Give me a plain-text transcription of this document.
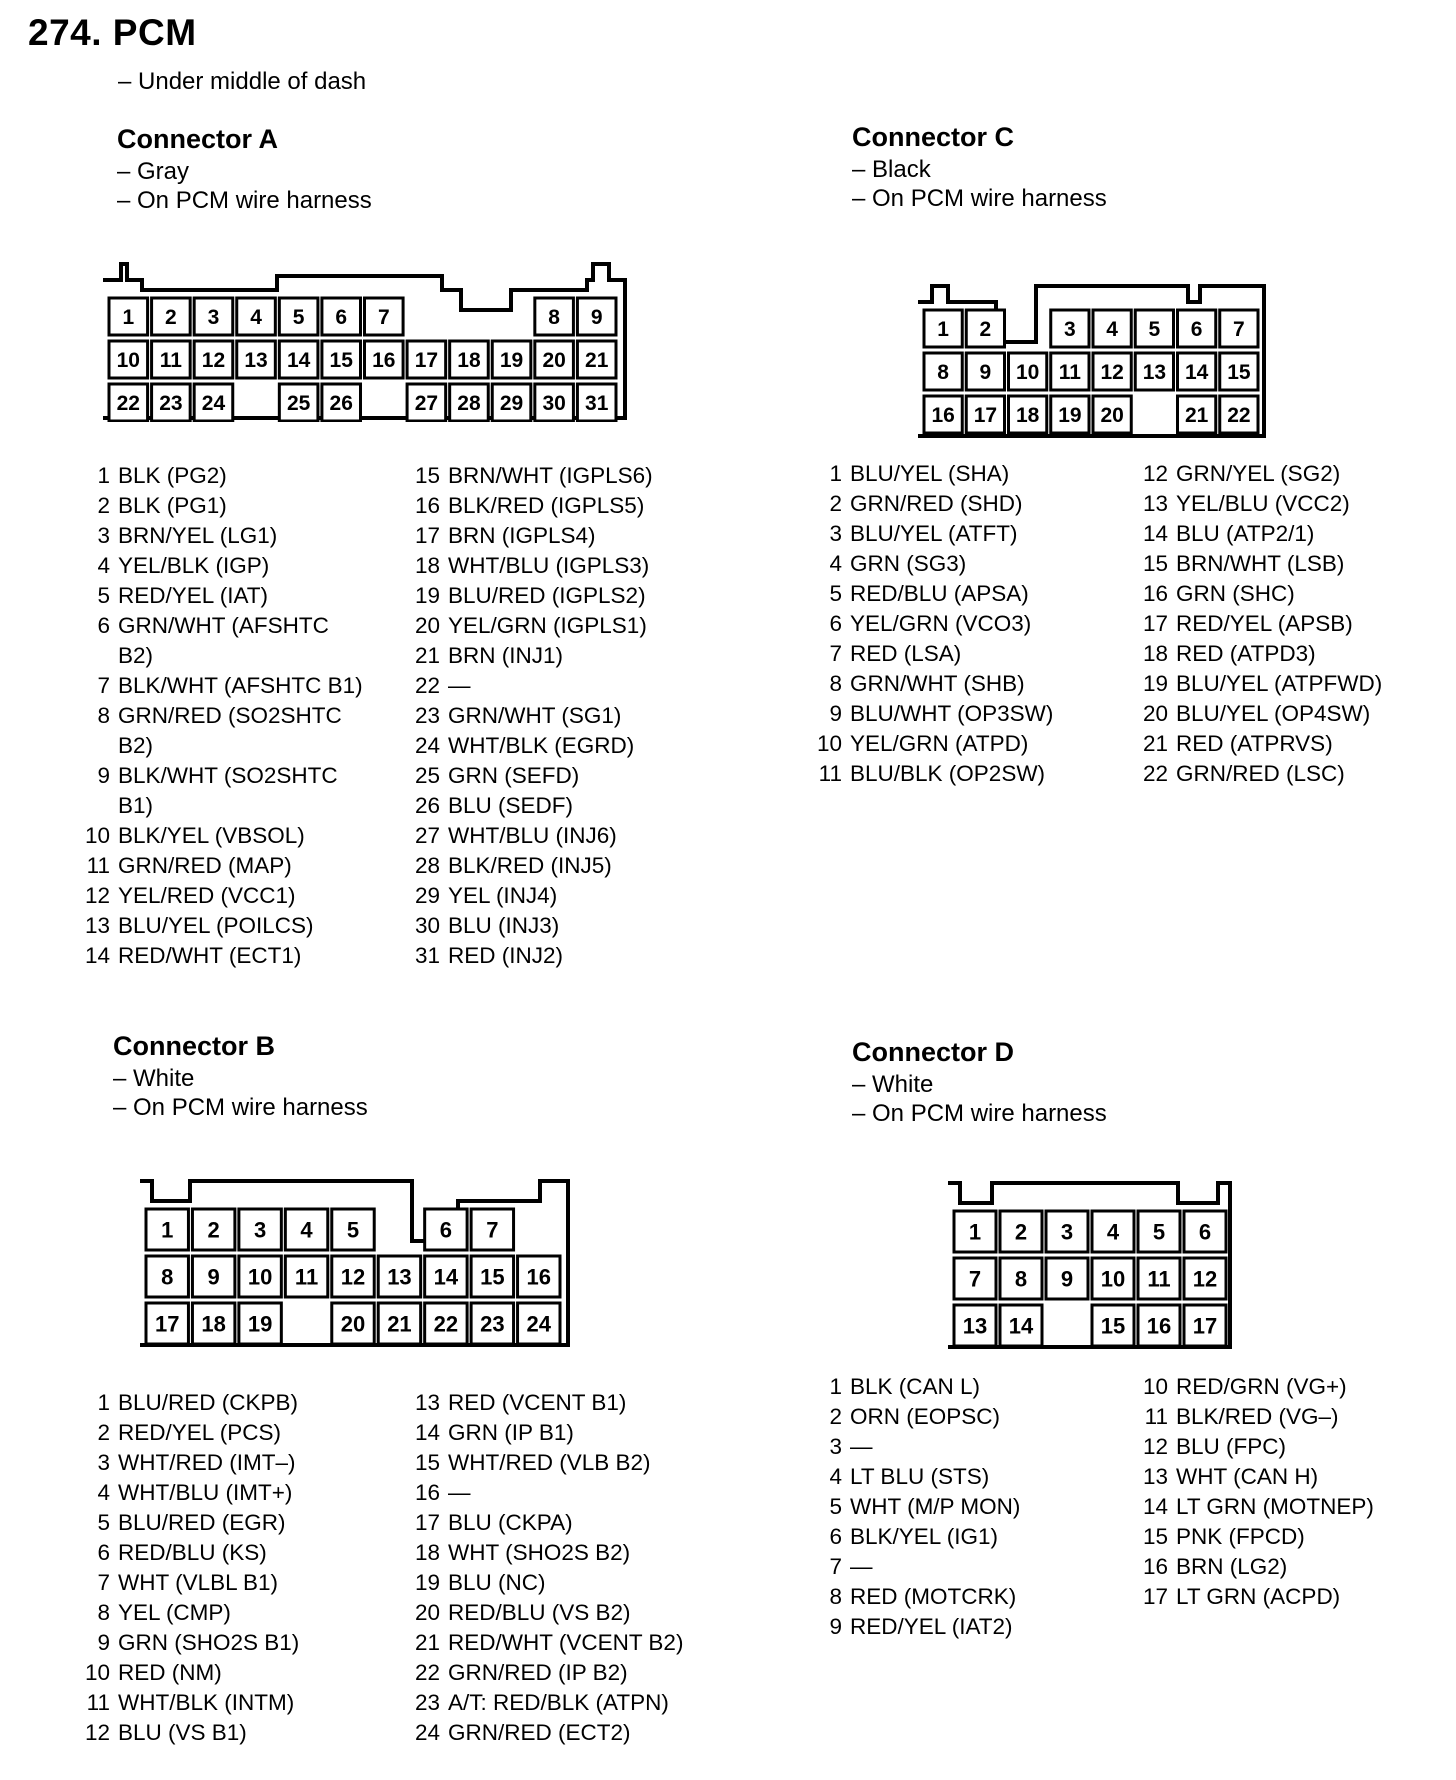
274. PCM
– Under middle of dash
Connector A
– Gray
– On PCM wire harness
1 2 3 4 5 6 7	8 9
10 11 12 13 14 15 16 17 18 19 20 21
22 23 24	25 26	27 28 29 30 31
1 BLK (PG2)
2 BLK (PG1)
3 BRN/YEL (LG1)
4 YEL/BLK (IGP)
5 RED/YEL (IAT)
6 GRN/WHT (AFSHTC
B2)
7 BLK/WHT (AFSHTC B1)
8 GRN/RED (SO2SHTC
B2)
9 BLK/WHT (SO2SHTC
B1)
10 BLK/YEL (VBSOL)
11 GRN/RED (MAP)
12 YEL/RED (VCC1)
13 BLU/YEL (POILCS)
14 RED/WHT (ECT1)
15 BRN/WHT (IGPLS6)
16 BLK/RED (IGPLS5)
17 BRN (IGPLS4)
18 WHT/BLU (IGPLS3)
19 BLU/RED (IGPLS2)
20 YEL/GRN (IGPLS1)
21 BRN (INJ1)
22 —
23 GRN/WHT (SG1)
24 WHT/BLK (EGRD)
25 GRN (SEFD)
26 BLU (SEDF)
27 WHT/BLU (INJ6)
28 BLK/RED (INJ5)
29 YEL (INJ4)
30 BLU (INJ3)
31 RED (INJ2)
Connector C
– Black
– On PCM wire harness
1 2	3 4 5 6 7
8 9 10 11 12 13 14 15
16 17 18 19 20	21 22
1 BLU/YEL (SHA)
2 GRN/RED (SHD)
3 BLU/YEL (ATFT)
4 GRN (SG3)
5 RED/BLU (APSA)
6 YEL/GRN (VCO3)
7 RED (LSA)
8 GRN/WHT (SHB)
9 BLU/WHT (OP3SW)
10 YEL/GRN (ATPD)
11 BLU/BLK (OP2SW)
12 GRN/YEL (SG2)
13 YEL/BLU (VCC2)
14 BLU (ATP2/1)
15 BRN/WHT (LSB)
16 GRN (SHC)
17 RED/YEL (APSB)
18 RED (ATPD3)
19 BLU/YEL (ATPFWD)
20 BLU/YEL (OP4SW)
21 RED (ATPRVS)
22 GRN/RED (LSC)
Connector B
– White
– On PCM wire harness
1 2 3 4 5	6 7
8 9 10 11 12 13 14 15 16
17 18 19	20 21 22 23 24
1 BLU/RED (CKPB)
2 RED/YEL (PCS)
3 WHT/RED (IMT–)
4 WHT/BLU (IMT+)
5 BLU/RED (EGR)
6 RED/BLU (KS)
7 WHT (VLBL B1)
8 YEL (CMP)
9 GRN (SHO2S B1)
10 RED (NM)
11 WHT/BLK (INTM)
12 BLU (VS B1)
13 RED (VCENT B1)
14 GRN (IP B1)
15 WHT/RED (VLB B2)
16 —
17 BLU (CKPA)
18 WHT (SHO2S B2)
19 BLU (NC)
20 RED/BLU (VS B2)
21 RED/WHT (VCENT B2)
22 GRN/RED (IP B2)
23 A/T: RED/BLK (ATPN)
24 GRN/RED (ECT2)
Connector D
– White
– On PCM wire harness
1 2 3 4 5 6
7 8 9 10 11 12
13 14	15 16 17
1 BLK (CAN L)
2 ORN (EOPSC)
3 —
4 LT BLU (STS)
5 WHT (M/P MON)
6 BLK/YEL (IG1)
7 —
8 RED (MOTCRK)
9 RED/YEL (IAT2)
10 RED/GRN (VG+)
11 BLK/RED (VG–)
12 BLU (FPC)
13 WHT (CAN H)
14 LT GRN (MOTNEP)
15 PNK (FPCD)
16 BRN (LG2)
17 LT GRN (ACPD)
